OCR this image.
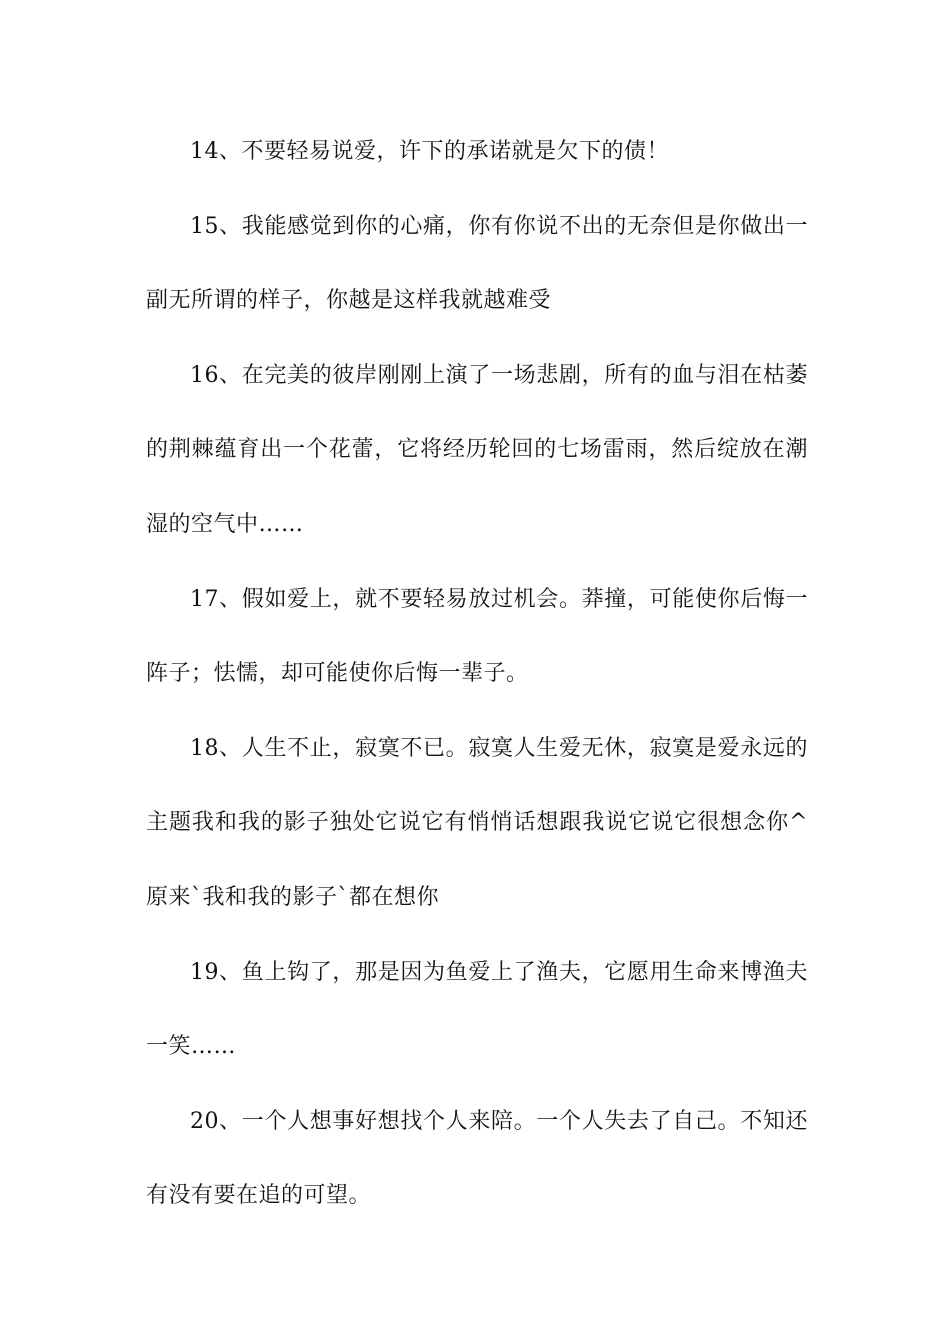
14、不要轻易说爱，许下的承诺就是欠下的债！

15、我能感觉到你的心痛，你有你说不出的无奈但是你做出一副无所谓的样子，你越是这样我就越难受

16、在完美的彼岸刚刚上演了一场悲剧，所有的血与泪在枯萎的荆棘蕴育出一个花蕾，它将经历轮回的七场雷雨，然后绽放在潮湿的空气中……

17、假如爱上，就不要轻易放过机会。莽撞，可能使你后悔一阵子；怯懦，却可能使你后悔一辈子。

18、人生不止，寂寞不已。寂寞人生爱无休，寂寞是爱永远的主题我和我的影子独处它说它有悄悄话想跟我说它说它很想念你^原来`我和我的影子`都在想你

19、鱼上钩了，那是因为鱼爱上了渔夫，它愿用生命来博渔夫一笑……

20、一个人想事好想找个人来陪。一个人失去了自己。不知还有没有要在追的可望。
